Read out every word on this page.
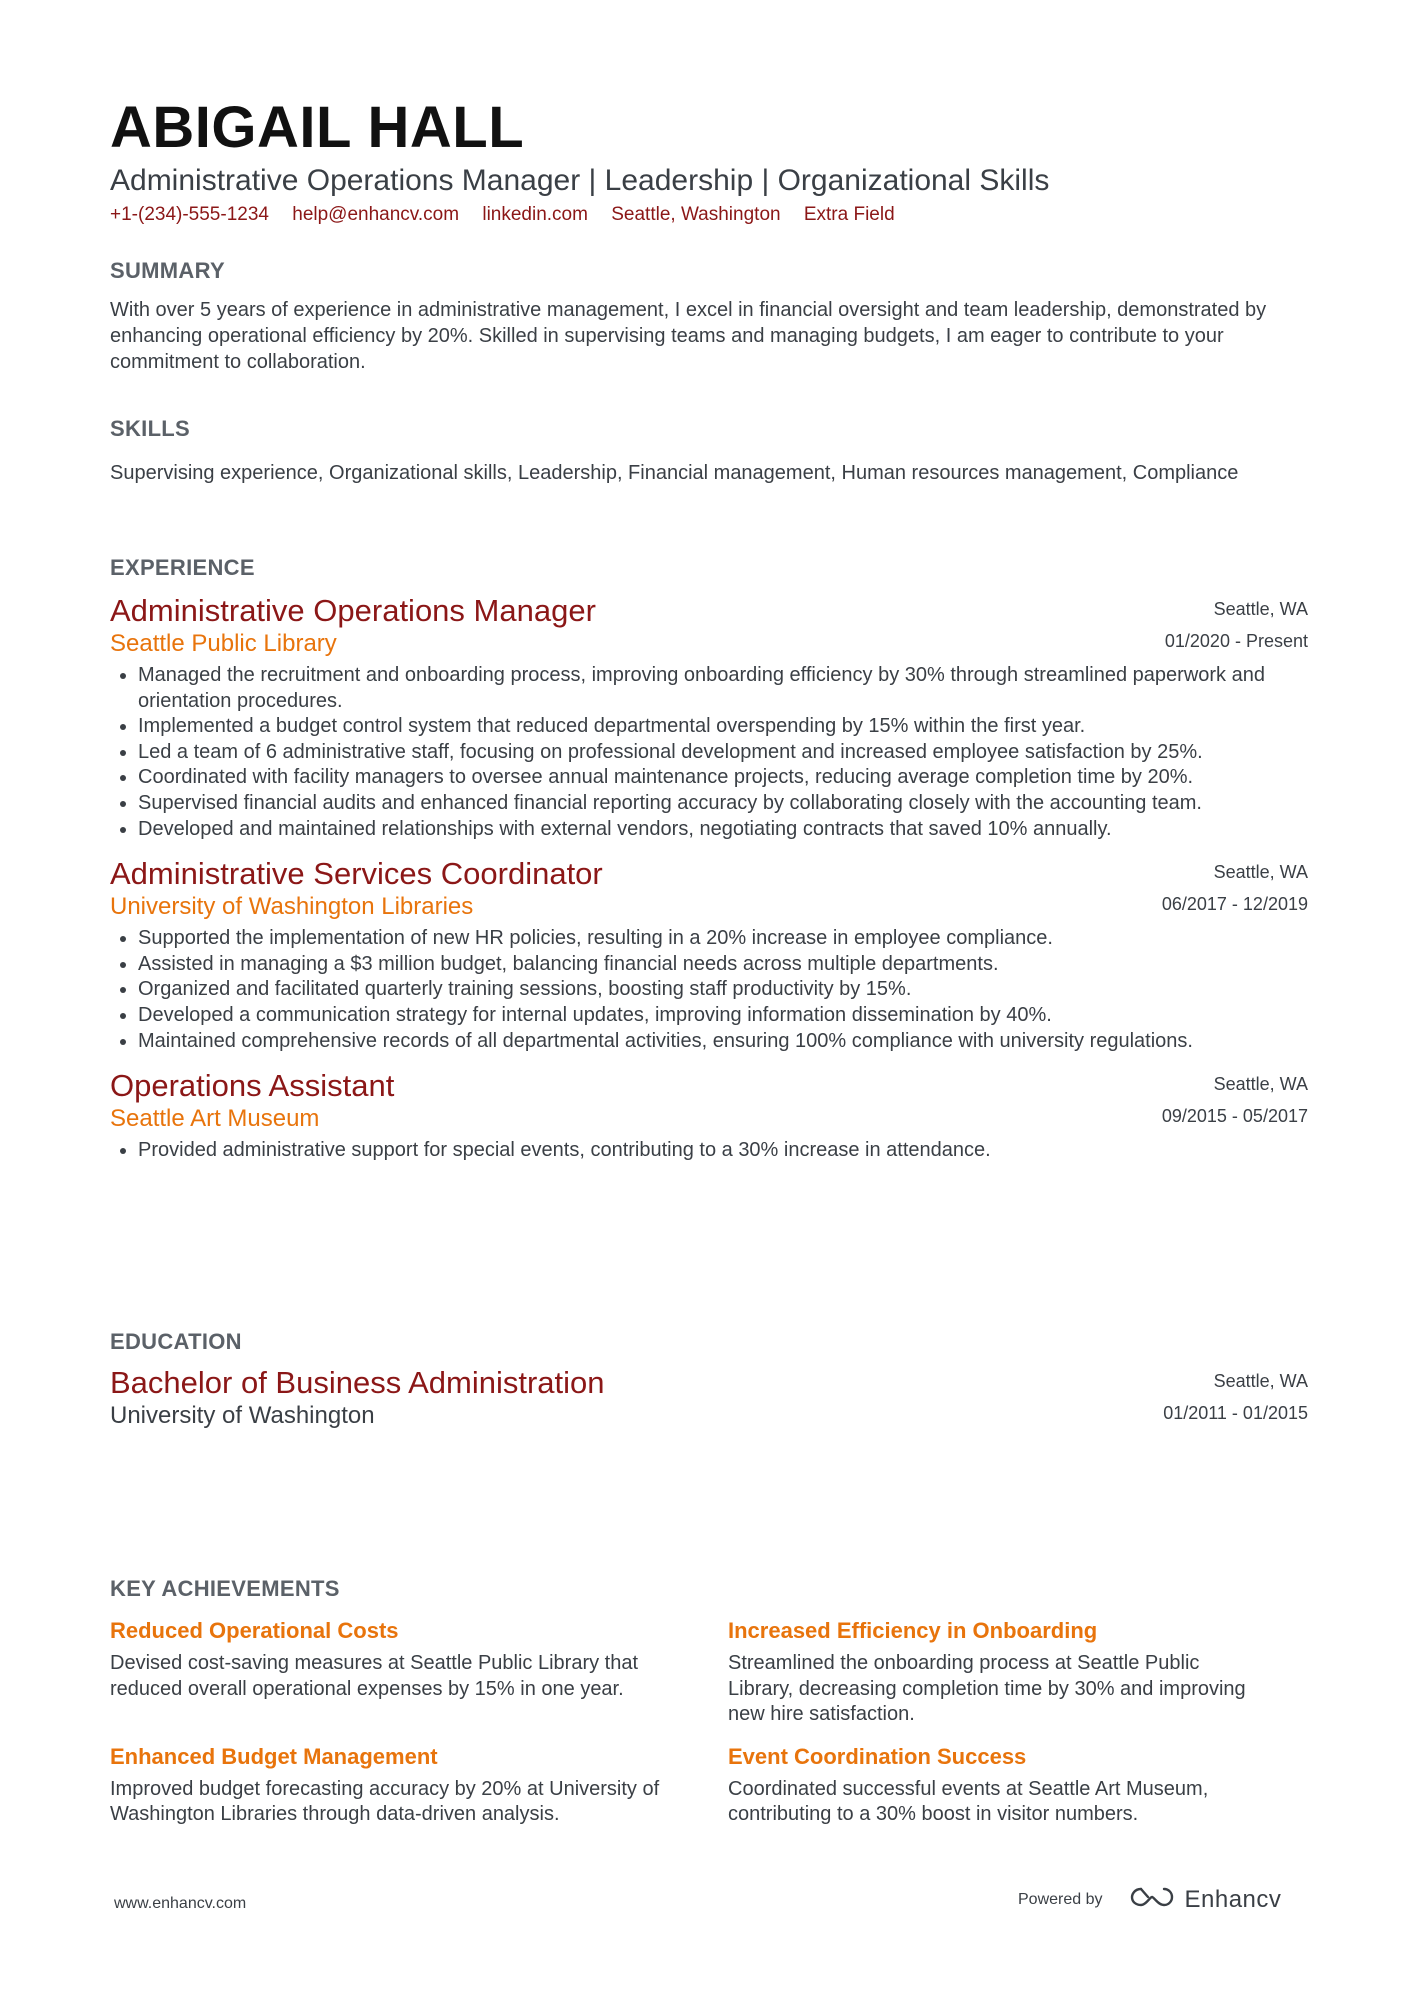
ABIGAIL HALL
Administrative Operations Manager | Leadership | Organizational Skills
+1-(234)-555-1234 help@enhancv.com linkedin.com Seattle, Washington Extra Field
SUMMARY
With over 5 years of experience in administrative management, I excel in financial oversight and team leadership, demonstrated by enhancing operational efficiency by 20%. Skilled in supervising teams and managing budgets, I am eager to contribute to your commitment to collaboration.
SKILLS
Supervising experience, Organizational skills, Leadership, Financial management, Human resources management, Compliance
EXPERIENCE
Administrative Operations Manager
Seattle Public Library
Seattle, WA
01/2020 - Present
• Managed the recruitment and onboarding process, improving onboarding efficiency by 30% through streamlined paperwork and orientation procedures.
• Implemented a budget control system that reduced departmental overspending by 15% within the first year.
• Led a team of 6 administrative staff, focusing on professional development and increased employee satisfaction by 25%.
• Coordinated with facility managers to oversee annual maintenance projects, reducing average completion time by 20%.
• Supervised financial audits and enhanced financial reporting accuracy by collaborating closely with the accounting team.
• Developed and maintained relationships with external vendors, negotiating contracts that saved 10% annually.
Administrative Services Coordinator
University of Washington Libraries
Seattle, WA
06/2017 - 12/2019
• Supported the implementation of new HR policies, resulting in a 20% increase in employee compliance.
• Assisted in managing a $3 million budget, balancing financial needs across multiple departments.
• Organized and facilitated quarterly training sessions, boosting staff productivity by 15%.
• Developed a communication strategy for internal updates, improving information dissemination by 40%.
• Maintained comprehensive records of all departmental activities, ensuring 100% compliance with university regulations.
Operations Assistant
Seattle Art Museum
Seattle, WA
09/2015 - 05/2017
• Provided administrative support for special events, contributing to a 30% increase in attendance.
EDUCATION
Bachelor of Business Administration
University of Washington
Seattle, WA
01/2011 - 01/2015
KEY ACHIEVEMENTS
Reduced Operational Costs
Devised cost-saving measures at Seattle Public Library that reduced overall operational expenses by 15% in one year.
Increased Efficiency in Onboarding
Streamlined the onboarding process at Seattle Public Library, decreasing completion time by 30% and improving new hire satisfaction.
Enhanced Budget Management
Improved budget forecasting accuracy by 20% at University of Washington Libraries through data-driven analysis.
Event Coordination Success
Coordinated successful events at Seattle Art Museum, contributing to a 30% boost in visitor numbers.
www.enhancv.com	Powered by	Enhancv
